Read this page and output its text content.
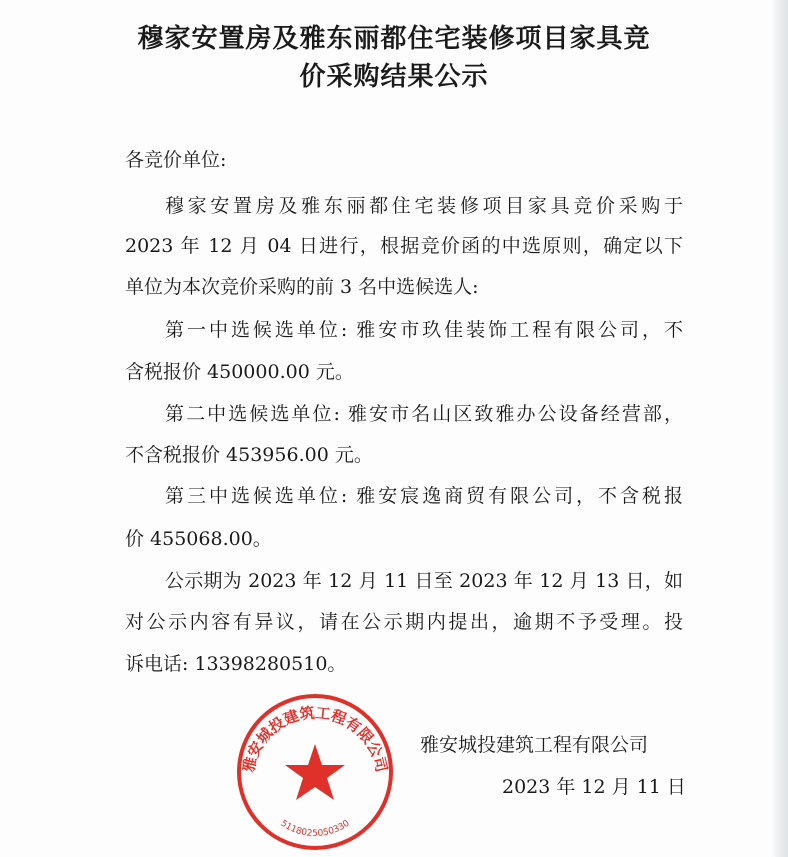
穆家安置房及雅东丽都住宅装修项目家具竞
价采购结果公示
各竞价单位:
穆家安置房及雅东丽都住宅装修项目家具竞价采购于
2023 年 12 月 04 日进行，根据竞价函的中选原则，确定以下
单位为本次竞价采购的前 3 名中选候选人:
第一中选候选单位: 雅安市玖佳装饰工程有限公司，不
含税报价 450000.00 元。
第二中选候选单位: 雅安市名山区致雅办公设备经营部，
不含税报价 453956.00 元。
第三中选候选单位: 雅安宸逸商贸有限公司，不含税报
价 455068.00。
公示期为 2023 年 12 月 11 日至 2023 年 12 月 13 日，如
对公示内容有异议，请在公示期内提出，逾期不予受理。投
诉电话: 13398280510。
雅安城投建筑工程有限公司
5118025050330
雅安城投建筑工程有限公司
2023 年 12 月 11 日
